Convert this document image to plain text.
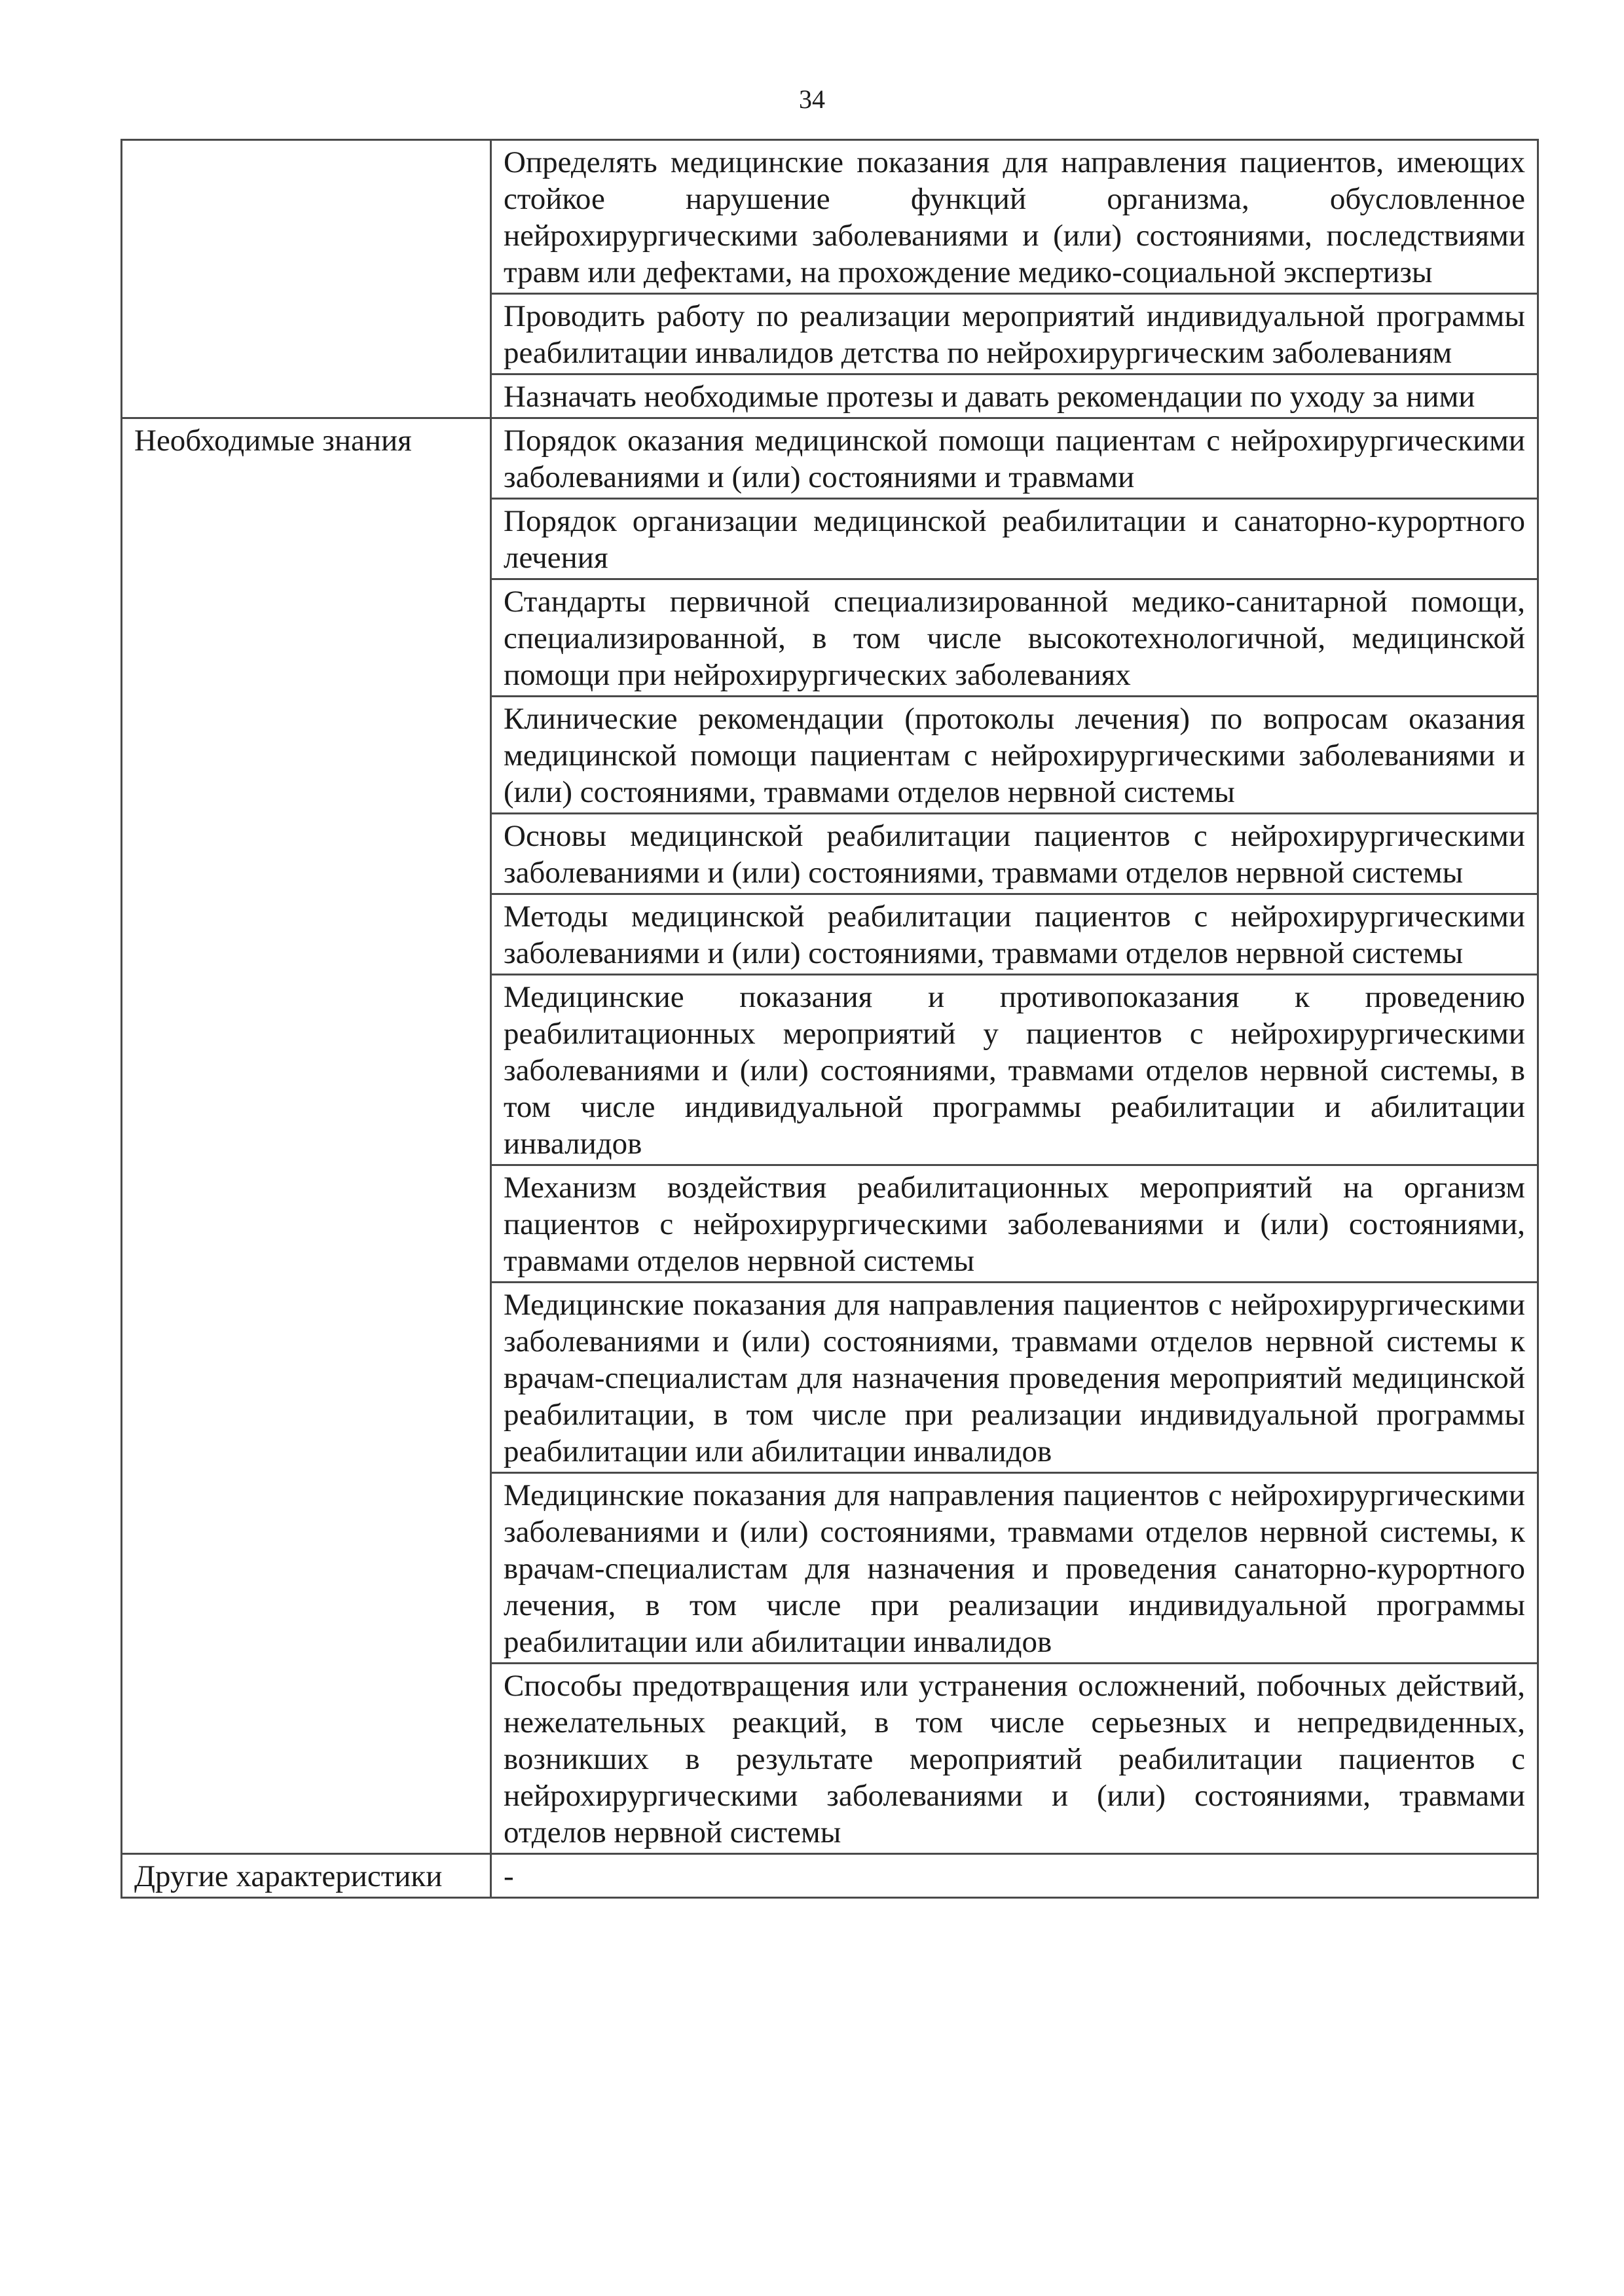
34
	Определять медицинские показания для направления пациентов, имеющих стойкое нарушение функций организма, обусловленное нейрохирургическими заболеваниями и (или) состояниями, последствиями травм или дефектами, на прохождение медико-социальной экспертизы
	Проводить работу по реализации мероприятий индивидуальной программы реабилитации инвалидов детства по нейрохирургическим заболеваниям
	Назначать необходимые протезы и давать рекомендации по уходу за ними
Необходимые знания	Порядок оказания медицинской помощи пациентам с нейрохирургическими заболеваниями и (или) состояниями и травмами
	Порядок организации медицинской реабилитации и санаторно-курортного лечения
	Стандарты первичной специализированной медико-санитарной помощи, специализированной, в том числе высокотехнологичной, медицинской помощи при нейрохирургических заболеваниях
	Клинические рекомендации (протоколы лечения) по вопросам оказания медицинской помощи пациентам с нейрохирургическими заболеваниями и (или) состояниями, травмами отделов нервной системы
	Основы медицинской реабилитации пациентов с нейрохирургическими заболеваниями и (или) состояниями, травмами отделов нервной системы
	Методы медицинской реабилитации пациентов с нейрохирургическими заболеваниями и (или) состояниями, травмами отделов нервной системы
	Медицинские показания и противопоказания к проведению реабилитационных мероприятий у пациентов с нейрохирургическими заболеваниями и (или) состояниями, травмами отделов нервной системы, в том числе индивидуальной программы реабилитации и абилитации инвалидов
	Механизм воздействия реабилитационных мероприятий на организм пациентов с нейрохирургическими заболеваниями и (или) состояниями, травмами отделов нервной системы
	Медицинские показания для направления пациентов с нейрохирургическими заболеваниями и (или) состояниями, травмами отделов нервной системы к врачам-специалистам для назначения проведения мероприятий медицинской реабилитации, в том числе при реализации индивидуальной программы реабилитации или абилитации инвалидов
	Медицинские показания для направления пациентов с нейрохирургическими заболеваниями и (или) состояниями, травмами отделов нервной системы, к врачам-специалистам для назначения и проведения санаторно-курортного лечения, в том числе при реализации индивидуальной программы реабилитации или абилитации инвалидов
	Способы предотвращения или устранения осложнений, побочных действий, нежелательных реакций, в том числе серьезных и непредвиденных, возникших в результате мероприятий реабилитации пациентов с нейрохирургическими заболеваниями и (или) состояниями, травмами отделов нервной системы
Другие характеристики	-
